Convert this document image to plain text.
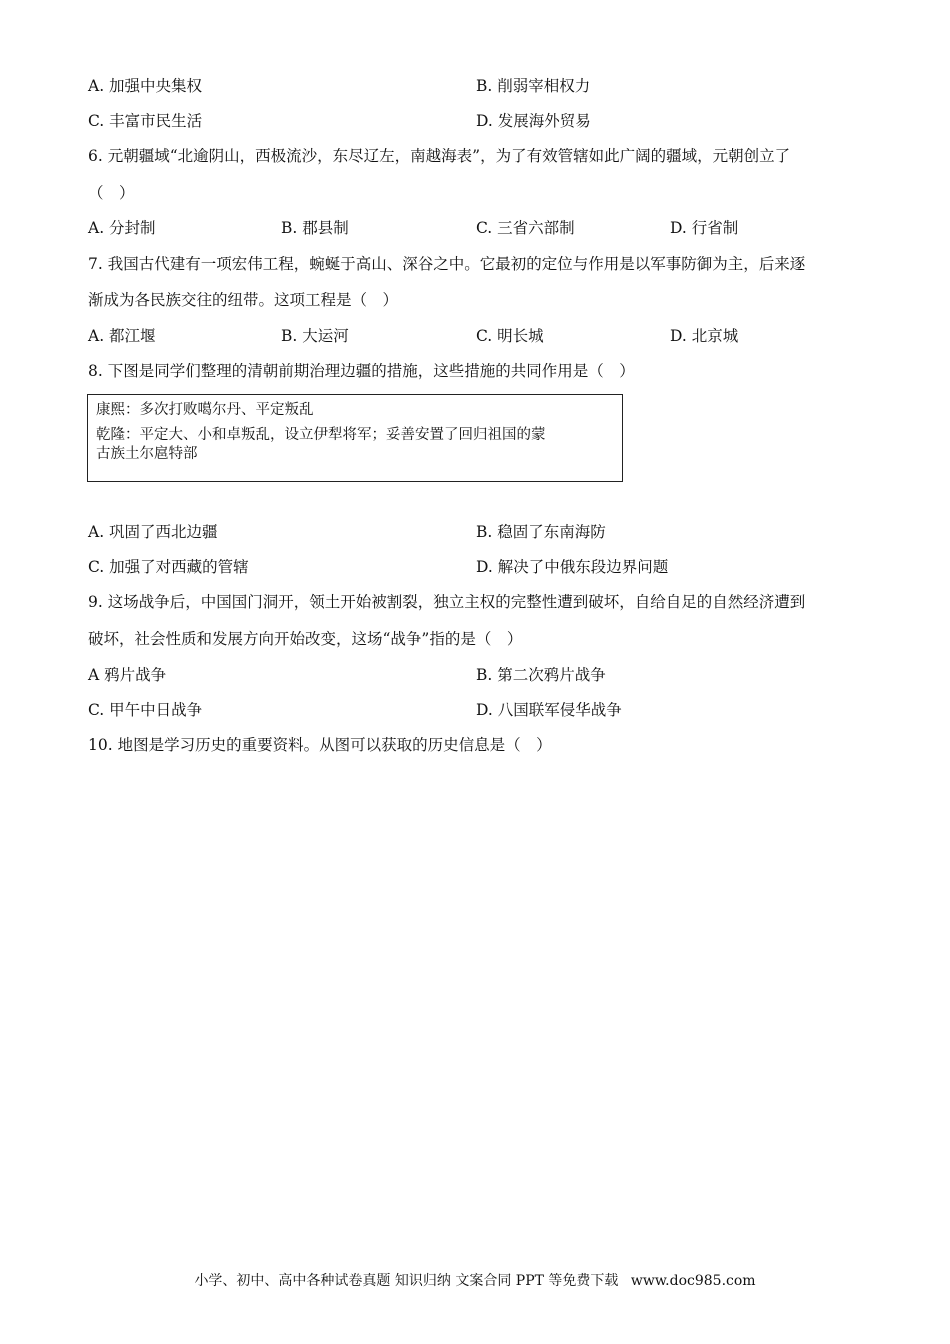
A. 加强中央集权	B. 削弱宰相权力
C. 丰富市民生活	D. 发展海外贸易
6. 元朝疆域“北逾阴山，西极流沙，东尽辽左，南越海表”，为了有效管辖如此广阔的疆域，元朝创立了
（　）
A. 分封制	B. 郡县制	C. 三省六部制	D. 行省制
7. 我国古代建有一项宏伟工程，蜿蜒于高山、深谷之中。它最初的定位与作用是以军事防御为主，后来逐
渐成为各民族交往的纽带。这项工程是（　）
A. 都江堰	B. 大运河	C. 明长城	D. 北京城
8. 下图是同学们整理的清朝前期治理边疆的措施，这些措施的共同作用是（　）

康熙：多次打败噶尔丹、平定叛乱

乾隆：平定大、小和卓叛乱，设立伊犁将军；妥善安置了回归祖国的蒙
古族土尔扈特部
A. 巩固了西北边疆	B. 稳固了东南海防
C. 加强了对西藏的管辖	D. 解决了中俄东段边界问题
9. 这场战争后，中国国门洞开，领土开始被割裂，独立主权的完整性遭到破坏，自给自足的自然经济遭到
破坏，社会性质和发展方向开始改变，这场“战争”指的是（　）
A 鸦片战争	B. 第二次鸦片战争
C. 甲午中日战争	D. 八国联军侵华战争
10. 地图是学习历史的重要资料。从图可以获取的历史信息是（　）
小学、初中、高中各种试卷真题 知识归纳 文案合同 PPT 等免费下载 www.doc985.com
